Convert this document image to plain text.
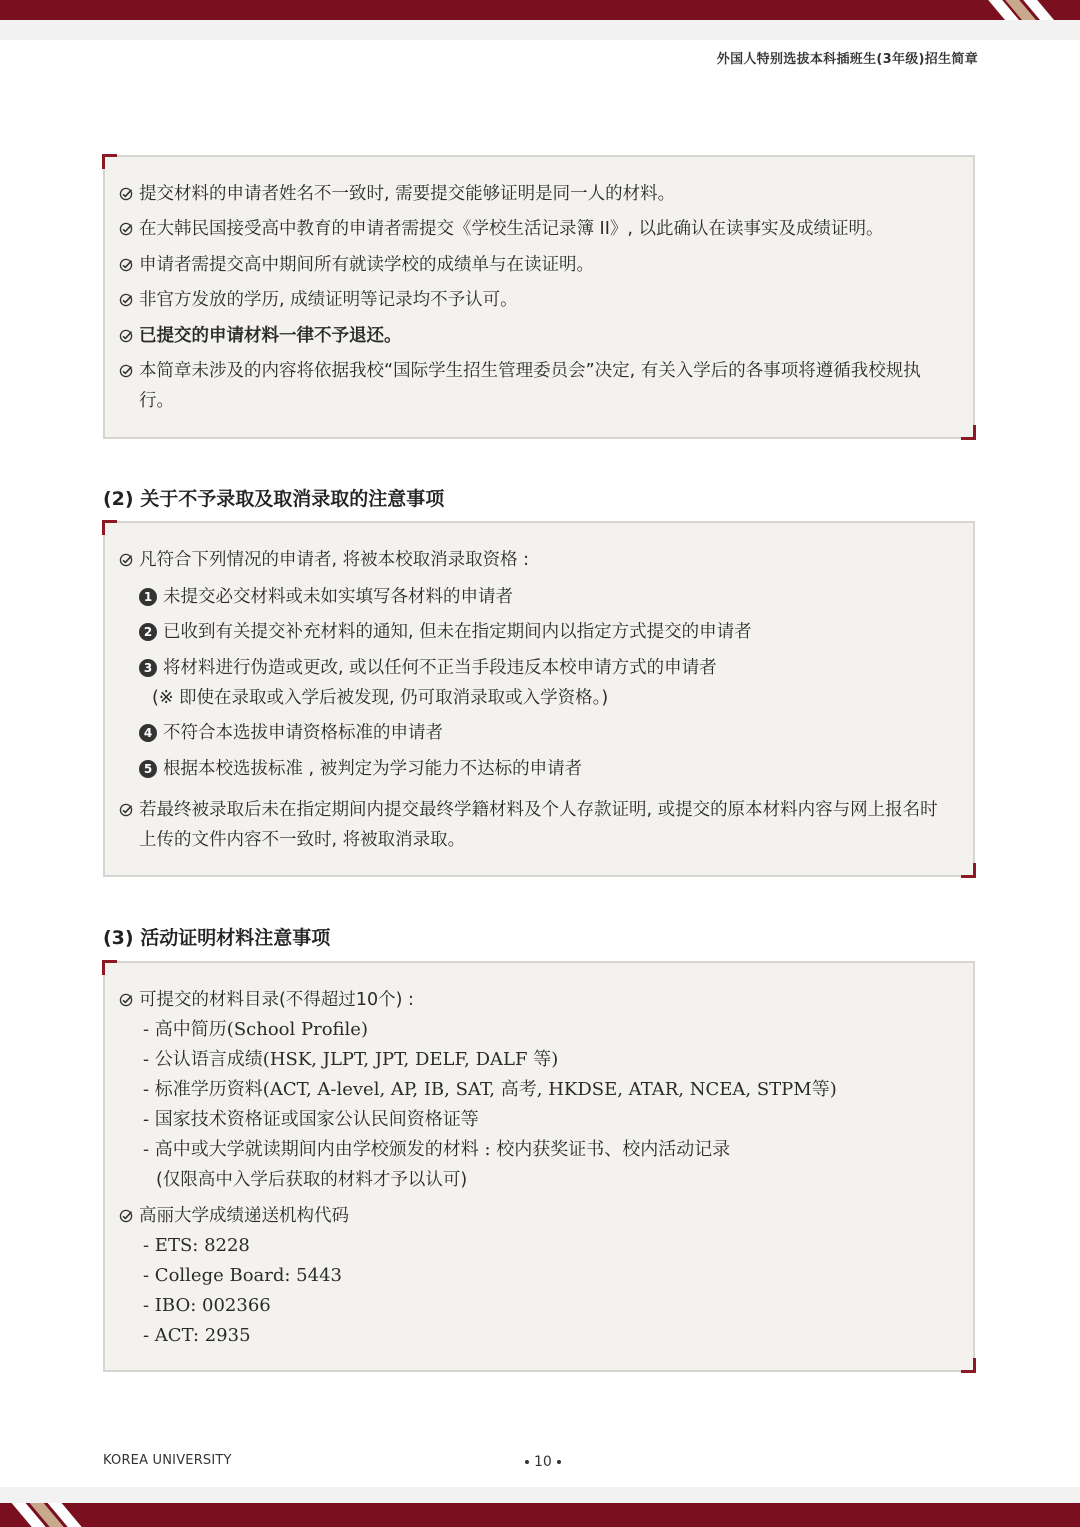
外国人特别选拔本科插班生(3年级)招生简章
提交材料的申请者姓名不一致时, 需要提交能够证明是同一人的材料。
在大韩民国接受高中教育的申请者需提交《学校生活记录簿 II》, 以此确认在读事实及成绩证明。
申请者需提交高中期间所有就读学校的成绩单与在读证明。
非官方发放的学历, 成绩证明等记录均不予认可。
已提交的申请材料一律不予退还。
本简章未涉及的内容将依据我校“国际学生招生管理委员会”决定, 有关入学后的各事项将遵循我校规执行。
(2) 关于不予录取及取消录取的注意事项
凡符合下列情况的申请者, 将被本校取消录取资格 :
1 未提交必交材料或未如实填写各材料的申请者
2 已收到有关提交补充材料的通知, 但未在指定期间内以指定方式提交的申请者
3 将材料进行伪造或更改, 或以任何不正当手段违反本校申请方式的申请者
(※ 即使在录取或入学后被发现, 仍可取消录取或入学资格。)
4 不符合本选拔申请资格标准的申请者
5 根据本校选拔标准 , 被判定为学习能力不达标的申请者
若最终被录取后未在指定期间内提交最终学籍材料及个人存款证明, 或提交的原本材料内容与网上报名时上传的文件内容不一致时, 将被取消录取。
(3) 活动证明材料注意事项
可提交的材料目录(不得超过10个) :
- 高中简历(School Profile)
- 公认语言成绩(HSK, JLPT, JPT, DELF, DALF 等)
- 标准学历资料(ACT, A-level, AP, IB, SAT, 高考, HKDSE, ATAR, NCEA, STPM等)
- 国家技术资格证或国家公认民间资格证等
- 高中或大学就读期间内由学校颁发的材料 : 校内获奖证书、校内活动记录
(仅限高中入学后获取的材料才予以认可)
高丽大学成绩递送机构代码
- ETS: 8228
- College Board: 5443
- IBO: 002366
- ACT: 2935
KOREA UNIVERSITY	10
